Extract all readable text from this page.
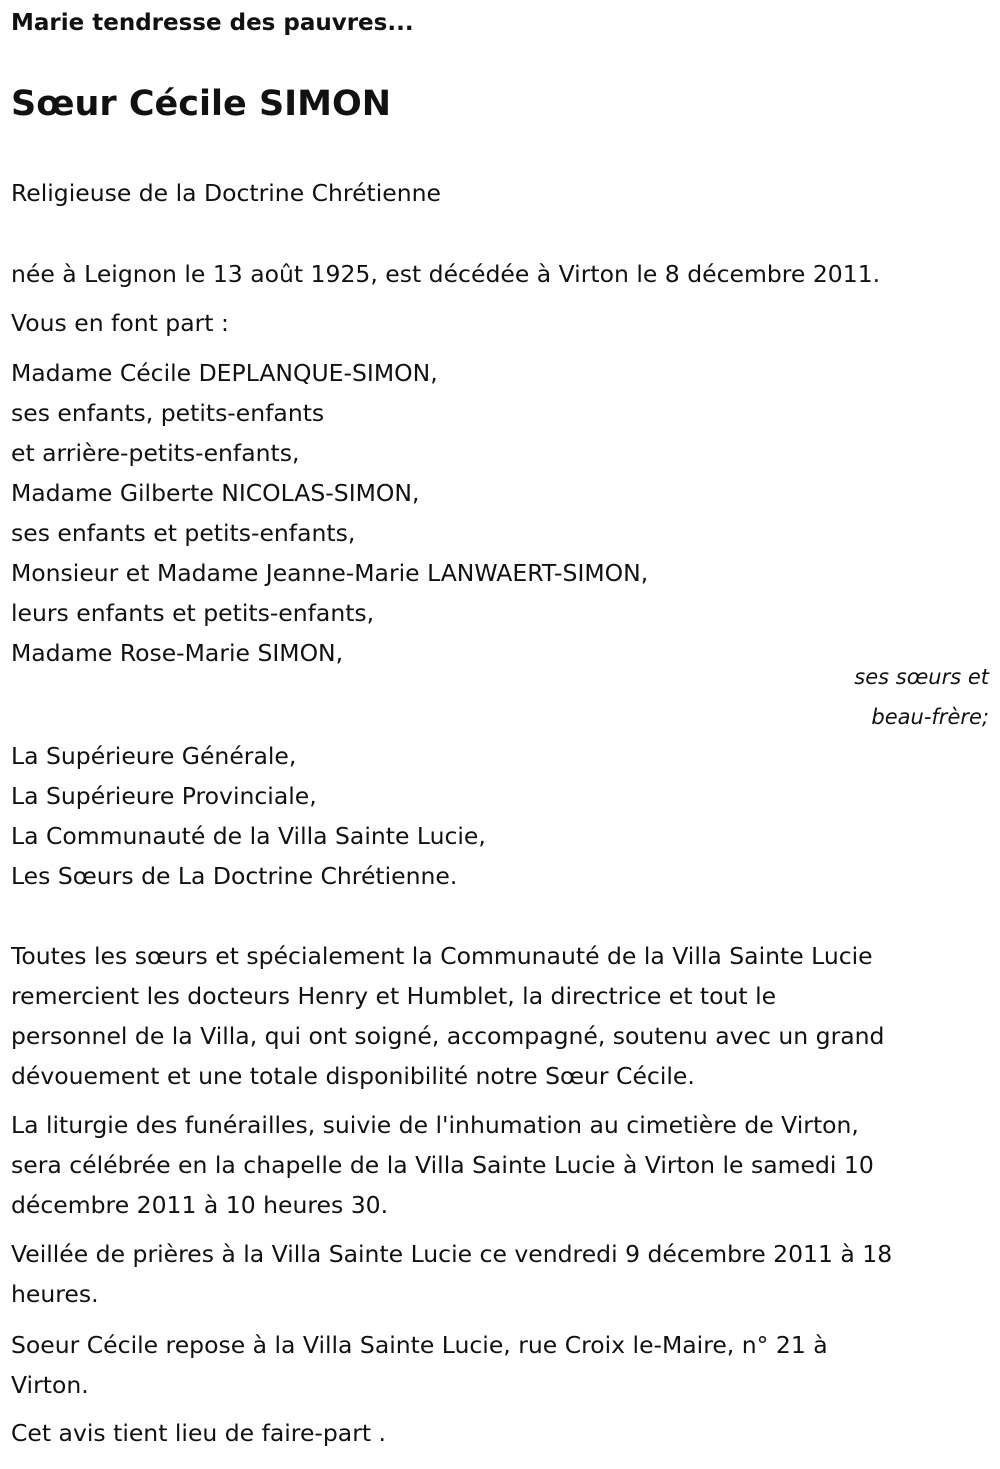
Marie tendresse des pauvres...
Sœur Cécile SIMON
Religieuse de la Doctrine Chrétienne
née à Leignon le 13 août 1925, est décédée à Virton le 8 décembre 2011.
Vous en font part :
Madame Cécile DEPLANQUE-SIMON,
ses enfants, petits-enfants
et arrière-petits-enfants,
Madame Gilberte NICOLAS-SIMON,
ses enfants et petits-enfants,
Monsieur et Madame Jeanne-Marie LANWAERT-SIMON,
leurs enfants et petits-enfants,
Madame Rose-Marie SIMON,
ses sœurs et
beau-frère;
La Supérieure Générale,
La Supérieure Provinciale,
La Communauté de la Villa Sainte Lucie,
Les Sœurs de La Doctrine Chrétienne.
Toutes les sœurs et spécialement la Communauté de la Villa Sainte Lucie
remercient les docteurs Henry et Humblet, la directrice et tout le
personnel de la Villa, qui ont soigné, accompagné, soutenu avec un grand
dévouement et une totale disponibilité notre Sœur Cécile.
La liturgie des funérailles, suivie de l'inhumation au cimetière de Virton,
sera célébrée en la chapelle de la Villa Sainte Lucie à Virton le samedi 10
décembre 2011 à 10 heures 30.
Veillée de prières à la Villa Sainte Lucie ce vendredi 9 décembre 2011 à 18
heures.
Soeur Cécile repose à la Villa Sainte Lucie, rue Croix le-Maire, n° 21 à
Virton.
Cet avis tient lieu de faire-part .
